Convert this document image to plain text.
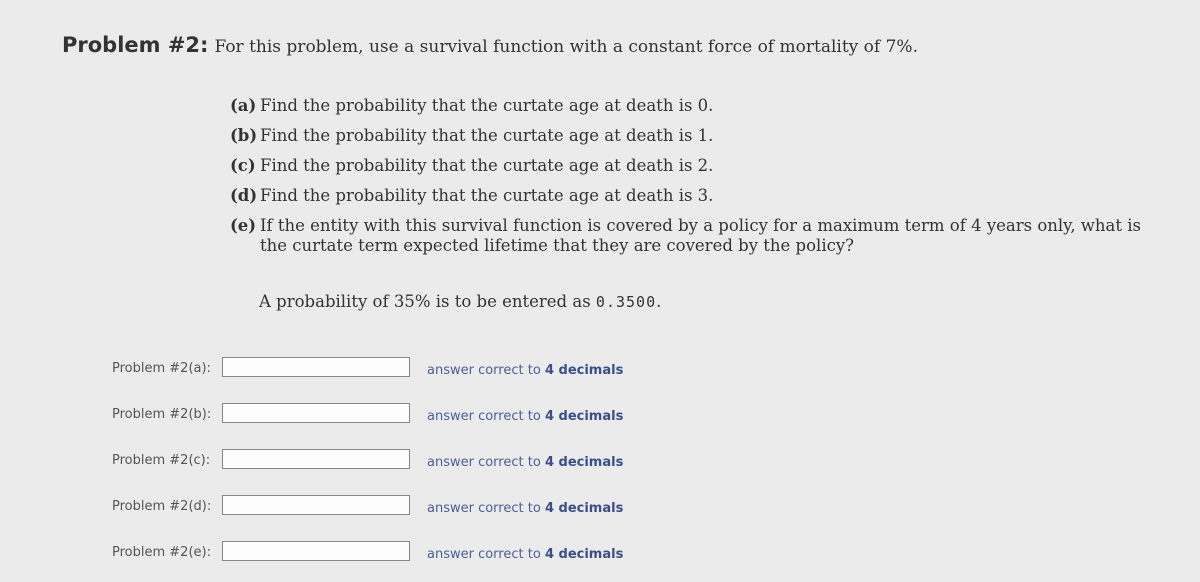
Problem #2: For this problem, use a survival function with a constant force of mortality of 7%.
(a) Find the probability that the curtate age at death is 0.
(b) Find the probability that the curtate age at death is 1.
(c) Find the probability that the curtate age at death is 2.
(d) Find the probability that the curtate age at death is 3.
(e) If the entity with this survival function is covered by a policy for a maximum term of 4 years only, what is the curtate term expected lifetime that they are covered by the policy?
A probability of 35% is to be entered as 0.3500.
Problem #2(a):	answer correct to 4 decimals
Problem #2(b):	answer correct to 4 decimals
Problem #2(c):	answer correct to 4 decimals
Problem #2(d):	answer correct to 4 decimals
Problem #2(e):	answer correct to 4 decimals
